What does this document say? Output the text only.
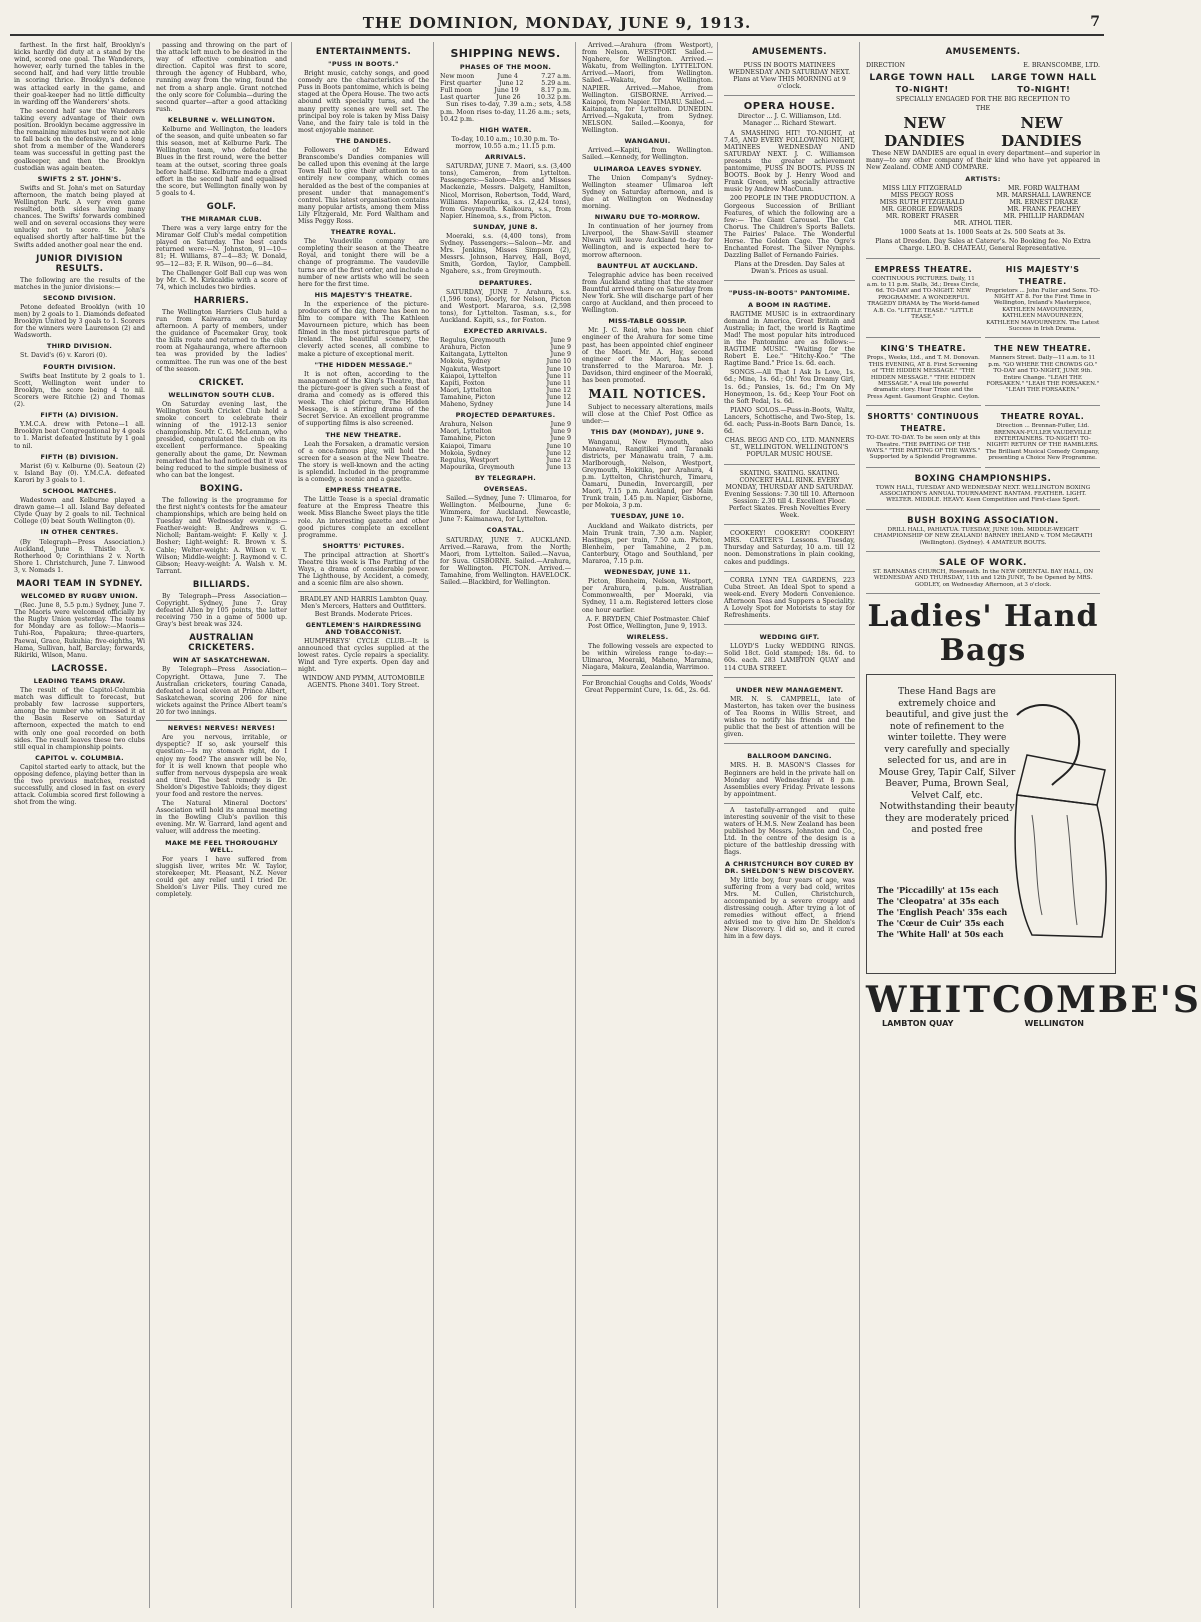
THE DOMINION, MONDAY, JUNE 9, 1913.	7

farthest. In the first half, Brooklyn's kicks hardly did duty at a stand by the wind, scored one goal. The Wanderers, however, early turned the tables in the second half, and had very little trouble in scoring thrice. Brooklyn's defence was attacked early in the game, and their goal-keeper had no little difficulty in warding off the Wanderers' shots.

The second half saw the Wanderers taking every advantage of their own position. Brooklyn became aggressive in the remaining minutes but were not able to fall back on the defensive, and a long shot from a member of the Wanderers team was successful in getting past the goalkeeper, and then the Brooklyn custodian was again beaten.

SWIFTS 2 ST. JOHN'S.

Swifts and St. John's met on Saturday afternoon, the match being played at Wellington Park. A very even game resulted, both sides having many chances. The Swifts' forwards combined well and on several occasions they were unlucky not to score. St. John's equalised shortly after half-time but the Swifts added another goal near the end.

JUNIOR DIVISION RESULTS.

The following are the results of the matches in the junior divisions:—

SECOND DIVISION.

Petone defeated Brooklyn (with 10 men) by 2 goals to 1. Diamonds defeated Brooklyn United by 3 goals to 1. Scorers for the winners were Laurenson (2) and Wadsworth.

THIRD DIVISION.

St. David's (6) v. Karori (0).

FOURTH DIVISION.

Swifts beat Institute by 2 goals to 1. Scott, Wellington went under to Brooklyn, the score being 4 to nil. Scorers were Ritchie (2) and Thomas (2).

FIFTH (A) DIVISION.

Y.M.C.A. drew with Petone—1 all. Brooklyn beat Congregational by 4 goals to 1. Marist defeated Institute by 1 goal to nil.

FIFTH (B) DIVISION.

Marist (6) v. Kelburne (0). Seatoun (2) v. Island Bay (0). Y.M.C.A. defeated Karori by 3 goals to 1.

SCHOOL MATCHES.

Wadestown and Kelburne played a drawn game—1 all. Island Bay defeated Clyde Quay by 2 goals to nil. Technical College (0) beat South Wellington (0).

IN OTHER CENTRES.

(By Telegraph—Press Association.) Auckland, June 8. Thistle 3, v. Rotherhood 0; Corinthians 2 v. North Shore 1. Christchurch, June 7. Linwood 3, v. Nomads 1.

MAORI TEAM IN SYDNEY.
WELCOMED BY RUGBY UNION.

(Rec. June 8, 5.5 p.m.) Sydney, June 7. The Maoris were welcomed officially by the Rugby Union yesterday. The teams for Monday are as follow:—Maoris—Tuhi-Roa, Papakura; three-quarters, Paewai, Grace, Rukuhia; five-eighths, Wi Hama, Sullivan, half, Barclay; forwards, Rikiriki, Wilson, Manu.

LACROSSE.
LEADING TEAMS DRAW.

The result of the Capitol-Columbia match was difficult to forecast, but probably few lacrosse supporters, among the number who witnessed it at the Basin Reserve on Saturday afternoon, expected the match to end with only one goal recorded on both sides. The result leaves these two clubs still equal in championship points.

CAPITOL v. COLUMBIA.

Capitol started early to attack, but the opposing defence, playing better than in the two previous matches, resisted successfully, and closed in fast on every attack. Columbia scored first following a shot from the wing.

passing and throwing on the part of the attack left much to be desired in the way of effective combination and direction. Capitol was first to score, through the agency of Hubbard, who, running away from the wing, found the net from a sharp angle. Grant notched the only score for Columbia—during the second quarter—after a good attacking rush.

KELBURNE v. WELLINGTON.

Kelburne and Wellington, the leaders of the season, and quite unbeaten so far this season, met at Kelburne Park. The Wellington team, who defeated the Blues in the first round, were the better team at the outset, scoring three goals before half-time. Kelburne made a great effort in the second half and equalised the score, but Wellington finally won by 5 goals to 4.

GOLF.
THE MIRAMAR CLUB.

There was a very large entry for the Miramar Golf Club's medal competition played on Saturday. The best cards returned were:—N. Johnston, 91—10—81; H. Williams, 87—4—83; W. Donald, 95—12—83; F. R. Wilson, 90—6—84.

The Challenger Golf Ball cup was won by Mr. C. M. Kirkcaldie with a score of 74, which includes two birdies.

HARRIERS.

The Wellington Harriers Club held a run from Kaiwarra on Saturday afternoon. A party of members, under the guidance of Pacemaker Gray, took the hills route and returned to the club room at Ngahauranga, where afternoon tea was provided by the ladies' committee. The run was one of the best of the season.

CRICKET.
WELLINGTON SOUTH CLUB.

On Saturday evening last, the Wellington South Cricket Club held a smoke concert to celebrate their winning of the 1912-13 senior championship. Mr. C. G. McLennan, who presided, congratulated the club on its excellent performance. Speaking generally about the game, Dr. Newman remarked that he had noticed that it was being reduced to the simple business of who can bat the longest.

BOXING.

The following is the programme for the first night's contests for the amateur championships, which are being held on Tuesday and Wednesday evenings:—Feather-weight: B. Andrews v. G. Nicholl; Bantam-weight: F. Kelly v. J. Bosher; Light-weight: R. Brown v. S. Cable; Welter-weight: A. Wilson v. T. Wilson; Middle-weight: J. Raymond v. C. Gibson; Heavy-weight: A. Walsh v. M. Tarrant.

BILLIARDS.

By Telegraph—Press Association—Copyright. Sydney, June 7. Gray defeated Allen by 105 points, the latter receiving 750 in a game of 5000 up. Gray's best break was 324.

AUSTRALIAN CRICKETERS.
WIN AT SASKATCHEWAN.

By Telegraph—Press Association—Copyright. Ottawa, June 7. The Australian cricketers, touring Canada, defeated a local eleven at Prince Albert, Saskatchewan, scoring 206 for nine wickets against the Prince Albert team's 20 for two innings.

NERVES! NERVES! NERVES!

Are you nervous, irritable, or dyspeptic? If so, ask yourself this question:—Is my stomach right, do I enjoy my food? The answer will be No, for it is well known that people who suffer from nervous dyspepsia are weak and tired. The best remedy is Dr. Sheldon's Digestive Tabloids; they digest your food and restore the nerves.

The Natural Mineral Doctors' Association will hold its annual meeting in the Bowling Club's pavilion this evening. Mr. W. Garrard, land agent and valuer, will address the meeting.

MAKE ME FEEL THOROUGHLY WELL.

For years I have suffered from sluggish liver, writes Mr. W. Taylor, storekeeper, Mt. Pleasant, N.Z. Never could get any relief until I tried Dr. Sheldon's Liver Pills. They cured me completely.

ENTERTAINMENTS.
"PUSS IN BOOTS."

Bright music, catchy songs, and good comedy are the characteristics of the Puss in Boots pantomime, which is being staged at the Opera House. The two acts abound with specialty turns, and the many pretty scenes are well set. The principal boy role is taken by Miss Daisy Vane, and the fairy tale is told in the most enjoyable manner.

THE DANDIES.

Followers of Mr. Edward Branscombe's Dandies companies will be called upon this evening at the large Town Hall to give their attention to an entirely new company, which comes heralded as the best of the companies at present under that management's control. This latest organisation contains many popular artists, among them Miss Lily Fitzgerald, Mr. Ford Waltham and Miss Peggy Ross.

THEATRE ROYAL.

The Vaudeville company are completing their season at the Theatre Royal, and tonight there will be a change of programme. The vaudeville turns are of the first order, and include a number of new artists who will be seen here for the first time.

HIS MAJESTY'S THEATRE.

In the experience of the picture-producers of the day, there has been no film to compare with The Kathleen Mavourneen picture, which has been filmed in the most picturesque parts of Ireland. The beautiful scenery, the cleverly acted scenes, all combine to make a picture of exceptional merit.

"THE HIDDEN MESSAGE."

It is not often, according to the management of the King's Theatre, that the picture-goer is given such a feast of drama and comedy as is offered this week. The chief picture, The Hidden Message, is a stirring drama of the Secret Service. An excellent programme of supporting films is also screened.

THE NEW THEATRE.

Leah the Forsaken, a dramatic version of a once-famous play, will hold the screen for a season at the New Theatre. The story is well-known and the acting is splendid. Included in the programme is a comedy, a scenic and a gazette.

EMPRESS THEATRE.

The Little Tease is a special dramatic feature at the Empress Theatre this week. Miss Blanche Sweet plays the title role. An interesting gazette and other good pictures complete an excellent programme.

SHORTTS' PICTURES.

The principal attraction at Shortt's Theatre this week is The Parting of the Ways, a drama of considerable power. The Lighthouse, by Accident, a comedy, and a scenic film are also shown.

BRADLEY AND HARRIS Lambton Quay. Men's Mercers, Hatters and Outfitters. Best Brands. Moderate Prices.

GENTLEMEN'S HAIRDRESSING AND TOBACCONIST.

HUMPHREYS' CYCLE CLUB.—It is announced that cycles supplied at the lowest rates. Cycle repairs a speciality. Wind and Tyre experts. Open day and night.

WINDOW AND PYMM, AUTOMOBILE AGENTS. Phone 3401. Tory Street.

SHIPPING NEWS.
PHASES OF THE MOON.
New moon	June 4	7.27 a.m.
First quarter	June 12	5.29 a.m.
Full moon	June 19	8.17 p.m.
Last quarter	June 26	10.32 p.m.

Sun rises to-day, 7.39 a.m.; sets, 4.58 p.m. Moon rises to-day, 11.26 a.m.; sets, 10.42 p.m.

HIGH WATER.

To-day, 10.10 a.m.; 10.30 p.m. To-morrow, 10.55 a.m.; 11.15 p.m.

ARRIVALS.

SATURDAY, JUNE 7. Maori, s.s. (3,400 tons), Cameron, from Lyttelton. Passengers:—Saloon—Mrs. and Misses Mackenzie, Messrs. Dalgety, Hamilton, Nicol, Morrison, Robertson, Todd, Ward, Williams. Mapourika, s.s. (2,424 tons), from Greymouth. Kaikoura, s.s., from Napier. Hinemoa, s.s., from Picton.

SUNDAY, JUNE 8.

Moeraki, s.s. (4,400 tons), from Sydney. Passengers:—Saloon—Mr. and Mrs. Jenkins, Misses Simpson (2), Messrs. Johnson, Harvey, Hall, Boyd, Smith, Gordon, Taylor, Campbell. Ngahere, s.s., from Greymouth.

DEPARTURES.

SATURDAY, JUNE 7. Arahura, s.s. (1,596 tons), Doorly, for Nelson, Picton and Westport. Mararoa, s.s. (2,598 tons), for Lyttelton. Tasman, s.s., for Auckland. Kapiti, s.s., for Foxton.

EXPECTED ARRIVALS.
Regulus, Greymouth	June 9
Arahura, Picton	June 9
Kaitangata, Lyttelton	June 9
Mokoia, Sydney	June 10
Ngakuta, Westport	June 10
Kaiapoi, Lyttelton	June 11
Kapiti, Foxton	June 11
Maori, Lyttelton	June 12
Tamahine, Picton	June 12
Maheno, Sydney	June 14
PROJECTED DEPARTURES.
Arahura, Nelson	June 9
Maori, Lyttelton	June 9
Tamahine, Picton	June 9
Kaiapoi, Timaru	June 10
Mokoia, Sydney	June 12
Regulus, Westport	June 12
Mapourika, Greymouth	June 13
BY TELEGRAPH.
OVERSEAS.

Sailed.—Sydney, June 7: Ulimaroa, for Wellington. Melbourne, June 6: Wimmera, for Auckland. Newcastle, June 7: Kaimanawa, for Lyttelton.

COASTAL.

SATURDAY, JUNE 7. AUCKLAND. Arrived.—Rarawa, from the North; Maori, from Lyttelton. Sailed.—Navua, for Suva. GISBORNE. Sailed.—Arahura, for Wellington. PICTON. Arrived.—Tamahine, from Wellington. HAVELOCK. Sailed.—Blackbird, for Wellington.

Arrived.—Arahura (from Westport), from Nelson. WESTPORT. Sailed.—Ngahere, for Wellington. Arrived.—Wakatu, from Wellington. LYTTELTON. Arrived.—Maori, from Wellington. Sailed.—Wakatu, for Wellington. NAPIER. Arrived.—Mahoe, from Wellington. GISBORNE. Arrived.—Kaiapoi, from Napier. TIMARU. Sailed.—Kaitangata, for Lyttelton. DUNEDIN. Arrived.—Ngakuta, from Sydney. NELSON. Sailed.—Koonya, for Wellington.

WANGANUI.

Arrived.—Kapiti, from Wellington. Sailed.—Kennedy, for Wellington.

ULIMAROA LEAVES SYDNEY.

The Union Company's Sydney-Wellington steamer Ulimaroa left Sydney on Saturday afternoon, and is due at Wellington on Wednesday morning.

NIWARU DUE TO-MORROW.

In continuation of her journey from Liverpool, the Shaw-Savill steamer Niwaru will leave Auckland to-day for Wellington, and is expected here to-morrow afternoon.

BAUNTFUL AT AUCKLAND.

Telegraphic advice has been received from Auckland stating that the steamer Bauntful arrived there on Saturday from New York. She will discharge part of her cargo at Auckland, and then proceed to Wellington.

MISS-TABLE GOSSIP.

Mr. J. C. Reid, who has been chief engineer of the Arahura for some time past, has been appointed chief engineer of the Maori. Mr. A. Hay, second engineer of the Maori, has been transferred to the Mararoa. Mr. J. Davidson, third engineer of the Moeraki, has been promoted.

MAIL NOTICES.

Subject to necessary alterations, mails will close at the Chief Post Office as under:—

THIS DAY (MONDAY), JUNE 9.

Wanganui, New Plymouth, also Manawatu, Rangitikei and Taranaki districts, per Manawatu train, 7 a.m. Marlborough, Nelson, Westport, Greymouth, Hokitika, per Arahura, 4 p.m. Lyttelton, Christchurch, Timaru, Oamaru, Dunedin, Invercargill, per Maori, 7.15 p.m. Auckland, per Main Trunk train, 1.45 p.m. Napier, Gisborne, per Mokoia, 3 p.m.

TUESDAY, JUNE 10.

Auckland and Waikato districts, per Main Trunk train, 7.30 a.m. Napier, Hastings, per train, 7.50 a.m. Picton, Blenheim, per Tamahine, 2 p.m. Canterbury, Otago and Southland, per Mararoa, 7.15 p.m.

WEDNESDAY, JUNE 11.

Picton, Blenheim, Nelson, Westport, per Arahura, 4 p.m. Australian Commonwealth, per Moeraki, via Sydney, 11 a.m. Registered letters close one hour earlier.

A. F. BRYDEN, Chief Postmaster. Chief Post Office, Wellington, June 9, 1913.

WIRELESS.

The following vessels are expected to be within wireless range to-day:—Ulimaroa, Moeraki, Maheno, Marama, Niagara, Makura, Zealandia, Warrimoo.

For Bronchial Coughs and Colds, Woods' Great Peppermint Cure, 1s. 6d., 2s. 6d.

AMUSEMENTS.

PUSS IN BOOTS MATINEES WEDNESDAY AND SATURDAY NEXT. Plans at View THIS MORNING at 9 o'clock.

OPERA HOUSE.

Director ... J. C. Williamson, Ltd. Manager ... Richard Stewart.

A SMASHING HIT! TO-NIGHT, at 7.45, AND EVERY FOLLOWING NIGHT, MATINEES WEDNESDAY AND SATURDAY NEXT. J. C. Williamson presents the greater achievement pantomime, PUSS IN BOOTS. PUSS IN BOOTS. Book by J. Henry Wood and Frank Green, with specially attractive music by Andrew MacCunn.

200 PEOPLE IN THE PRODUCTION. A Gorgeous Succession of Brilliant Features, of which the following are a few:— The Giant Carousel. The Cat Chorus. The Children's Sports Ballets. The Fairies' Palace. The Wonderful Horse. The Golden Cage. The Ogre's Enchanted Forest. The Silver Nymphs. Dazzling Ballet of Fernando Fairies.

Plans at the Dresden. Day Sales at Dwan's. Prices as usual.

"PUSS-IN-BOOTS" PANTOMIME.
A BOOM IN RAGTIME.

RAGTIME MUSIC is in extraordinary demand in America, Great Britain and Australia; in fact, the world is Ragtime Mad! The most popular hits introduced in the Pantomime are as follows:—RAGTIME MUSIC. "Waiting for the Robert E. Lee." "Hitchy-Koo." "The Ragtime Band." Price 1s. 6d. each.

SONGS.—All That I Ask Is Love, 1s. 6d.; Mine, 1s. 6d.; Oh! You Dreamy Girl, 1s. 6d.; Pansies, 1s. 6d.; I'm On My Honeymoon, 1s. 6d.; Keep Your Foot on the Soft Pedal, 1s. 6d.

PIANO SOLOS.—Puss-in-Boots, Waltz, Lancers, Schottische, and Two-Step, 1s. 6d. each; Puss-in-Boots Barn Dance, 1s. 6d.

CHAS. BEGG AND CO., LTD. MANNERS ST., WELLINGTON. WELLINGTON'S POPULAR MUSIC HOUSE.

SKATING. SKATING. SKATING. CONCERT HALL RINK. EVERY MONDAY, THURSDAY AND SATURDAY. Evening Sessions: 7.30 till 10. Afternoon Session: 2.30 till 4. Excellent Floor. Perfect Skates. Fresh Novelties Every Week.

COOKERY! COOKERY! COOKERY! MRS. CARTER'S Lessons. Tuesday, Thursday and Saturday, 10 a.m. till 12 noon. Demonstrations in plain cooking, cakes and puddings.

CORRA LYNN TEA GARDENS, 223 Cuba Street. An Ideal Spot to spend a week-end. Every Modern Convenience. Afternoon Teas and Suppers a Speciality. A Lovely Spot for Motorists to stay for Refreshments.

WEDDING GIFT.

LLOYD'S Lucky WEDDING RINGS. Solid 18ct. Gold stamped; 18s. 6d. to 60s. each. 283 LAMBTON QUAY and 114 CUBA STREET.

UNDER NEW MANAGEMENT.

MR. N. S. CAMPBELL, late of Masterton, has taken over the business of Tea Rooms in Willis Street, and wishes to notify his friends and the public that the best of attention will be given.

BALLROOM DANCING.

MRS. H. B. MASON'S Classes for Beginners are held in the private hall on Monday and Wednesday at 8 p.m. Assemblies every Friday. Private lessons by appointment.

A tastefully-arranged and quite interesting souvenir of the visit to these waters of H.M.S. New Zealand has been published by Messrs. Johnston and Co., Ltd. In the centre of the design is a picture of the battleship dressing with flags.

A CHRISTCHURCH BOY CURED BY DR. SHELDON'S NEW DISCOVERY.

My little boy, four years of age, was suffering from a very bad cold, writes Mrs. M. Cullen, Christchurch, accompanied by a severe croupy and distressing cough. After trying a lot of remedies without effect, a friend advised me to give him Dr. Sheldon's New Discovery. I did so, and it cured him in a few days.

AMUSEMENTS.
DIRECTION	E. BRANSCOMBE, LTD.
LARGE TOWN HALL
TO-NIGHT!
LARGE TOWN HALL
TO-NIGHT!

SPECIALLY ENGAGED FOR THE BIG RECEPTION TO

THE

NEW DANDIES
NEW DANDIES

These NEW DANDIES are equal in every department—and superior in many—to any other company of their kind who have yet appeared in New Zealand. COME AND COMPARE.

ARTISTS:
MISS LILY FITZGERALD
MISS PEGGY ROSS
MISS RUTH FITZGERALD
MR. GEORGE EDWARDS
MR. ROBERT FRASER
MR. FORD WALTHAM
MR. MARSHALL LAWRENCE
MR. ERNEST DRAKE
MR. FRANK PEACHEY
MR. PHILLIP HARDMAN

MR. ATHOL TIER.

1000 Seats at 1s. 1000 Seats at 2s. 500 Seats at 3s.

Plans at Dresden. Day Sales at Caterer's. No Booking fee. No Extra Charge. LEO. B. CHATEAU, General Representative.

EMPRESS THEATRE.

CONTINUOUS PICTURES. Daily, 11 a.m. to 11 p.m. Stalls, 3d.; Dress Circle, 6d. TO-DAY and TO-NIGHT. NEW PROGRAMME. A WONDERFUL TRAGEDY DRAMA by The World-famed A.B. Co. "LITTLE TEASE." "LITTLE TEASE."

HIS MAJESTY'S THEATRE.

Proprietors ... John Fuller and Sons. TO-NIGHT AT 8. For the First Time in Wellington, Ireland's Masterpiece, KATHLEEN MAVOURNEEN, KATHLEEN MAVOURNEEN, KATHLEEN MAVOURNEEN. The Latest Success in Irish Drama.

KING'S THEATRE.

Props., Weeks, Ltd., and T. M. Donovan. THIS EVENING, AT 8. First Screening of "THE HIDDEN MESSAGE." "THE HIDDEN MESSAGE." "THE HIDDEN MESSAGE." A real life powerful dramatic story. Hear Trixie and the Press Agent. Gaumont Graphic. Ceylon.

THE NEW THEATRE.

Manners Street. Daily—11 a.m. to 11 p.m. "GO WHERE THE CROWDS GO." TO-DAY and TO-NIGHT, JUNE 9th. Entire Change. "LEAH THE FORSAKEN." "LEAH THE FORSAKEN." "LEAH THE FORSAKEN."

SHORTTS' CONTINUOUS THEATRE.

TO-DAY. TO-DAY. To be seen only at this Theatre. "THE PARTING OF THE WAYS." "THE PARTING OF THE WAYS." Supported by a Splendid Programme.

THEATRE ROYAL.

Direction ... Brennan-Fuller, Ltd. BRENNAN-FULLER VAUDEVILLE ENTERTAINERS. TO-NIGHT! TO-NIGHT! RETURN OF THE RAMBLERS. The Brilliant Musical Comedy Company, presenting a Choice New Programme.

BOXING CHAMPIONSHIPS.

TOWN HALL, TUESDAY AND WEDNESDAY NEXT. WELLINGTON BOXING ASSOCIATION'S ANNUAL TOURNAMENT. BANTAM. FEATHER. LIGHT. WELTER. MIDDLE. HEAVY. Keen Competition and First-class Sport.

BUSH BOXING ASSOCIATION.

DRILL HALL, PAHIATUA. TUESDAY, JUNE 10th. MIDDLE-WEIGHT CHAMPIONSHIP OF NEW ZEALAND! BARNEY IRELAND v. TOM McGRATH (Wellington). (Sydney). 4 AMATEUR BOUTS.

SALE OF WORK.

ST. BARNABAS CHURCH, Roseneath. In the NEW ORIENTAL BAY HALL, ON WEDNESDAY AND THURSDAY, 11th and 12th JUNE, To be Opened by MRS. GODLEY, on Wednesday Afternoon, at 3 o'clock.

Ladies' Hand Bags
These Hand Bags are extremely choice and beautiful, and give just the note of refinement to the winter toilette. They were very carefully and specially selected for us, and are in Mouse Grey, Tapir Calf, Silver Beaver, Puma, Brown Seal, Velvet Calf, etc. Notwithstanding their beauty they are moderately priced and posted free
The 'Piccadilly' at 15s each
The 'Cleopatra' at 35s each
The 'English Peach' 35s each
The 'Cœur de Cuir' 35s each
The 'White Hall' at 50s each
WHITCOMBE'S
LAMBTON QUAY	WELLINGTON
